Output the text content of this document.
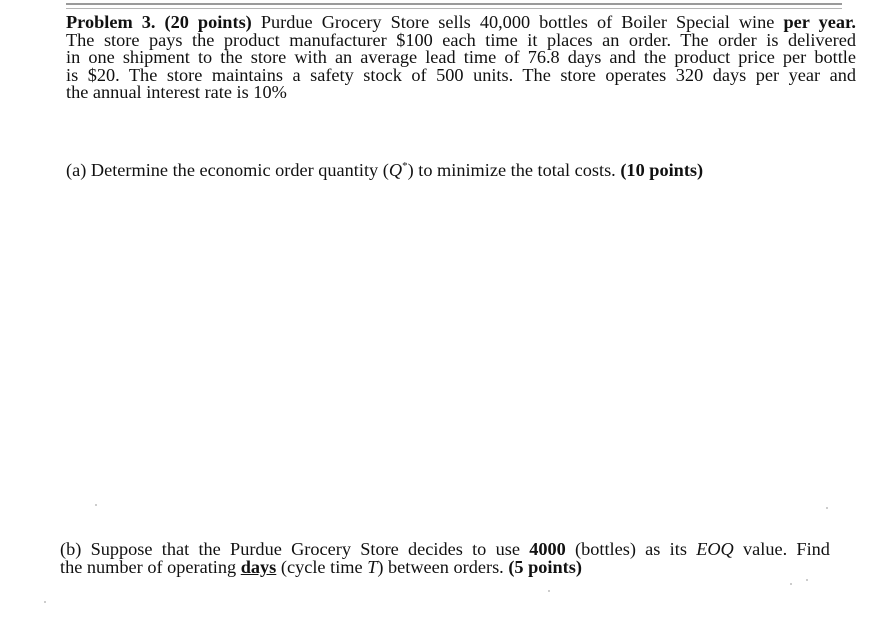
Problem 3. (20 points) Purdue Grocery Store sells 40,000 bottles of Boiler Special wine per year.
The store pays the product manufacturer $100 each time it places an order. The order is delivered
in one shipment to the store with an average lead time of 76.8 days and the product price per bottle
is $20. The store maintains a safety stock of 500 units. The store operates 320 days per year and
the annual interest rate is 10%
(a) Determine the economic order quantity (Q*) to minimize the total costs. (10 points)
(b) Suppose that the Purdue Grocery Store decides to use 4000 (bottles) as its EOQ value. Find
the number of operating days (cycle time T) between orders. (5 points)
